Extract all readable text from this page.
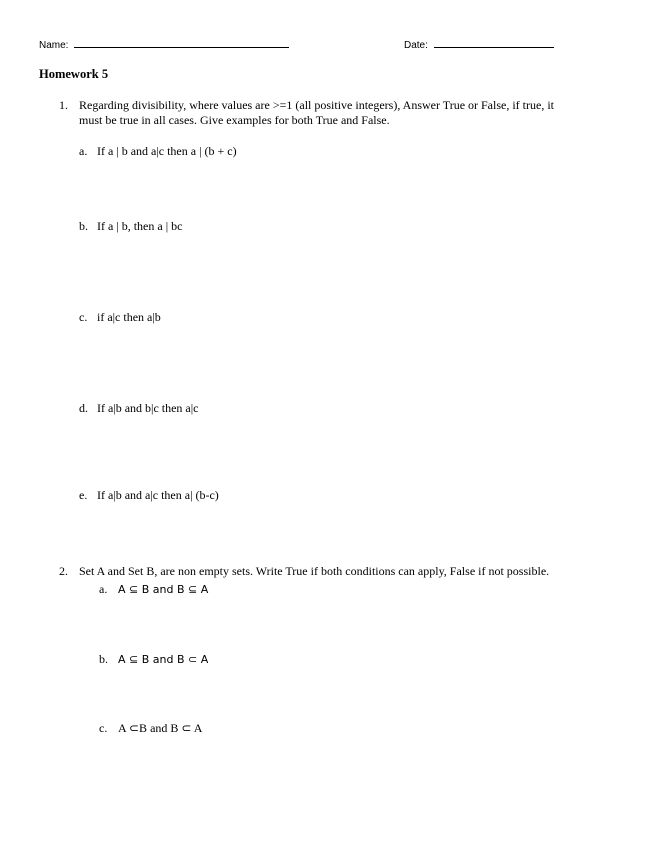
Name:	Date:
Homework 5
1. Regarding divisibility, where values are >=1 (all positive integers), Answer True or False, if true, it
must be true in all cases. Give examples for both True and False.
a. If a | b and a|c then a | (b + c)
b. If a | b, then a | bc
c. if a|c then a|b
d. If a|b and b|c then a|c
e. If a|b and a|c then a| (b-c)
2. Set A and Set B, are non empty sets. Write True if both conditions can apply, False if not possible.
a. A ⊆ B and B ⊆ A
b. A ⊆ B and B ⊂ A
c. A ⊂B and B ⊂ A
